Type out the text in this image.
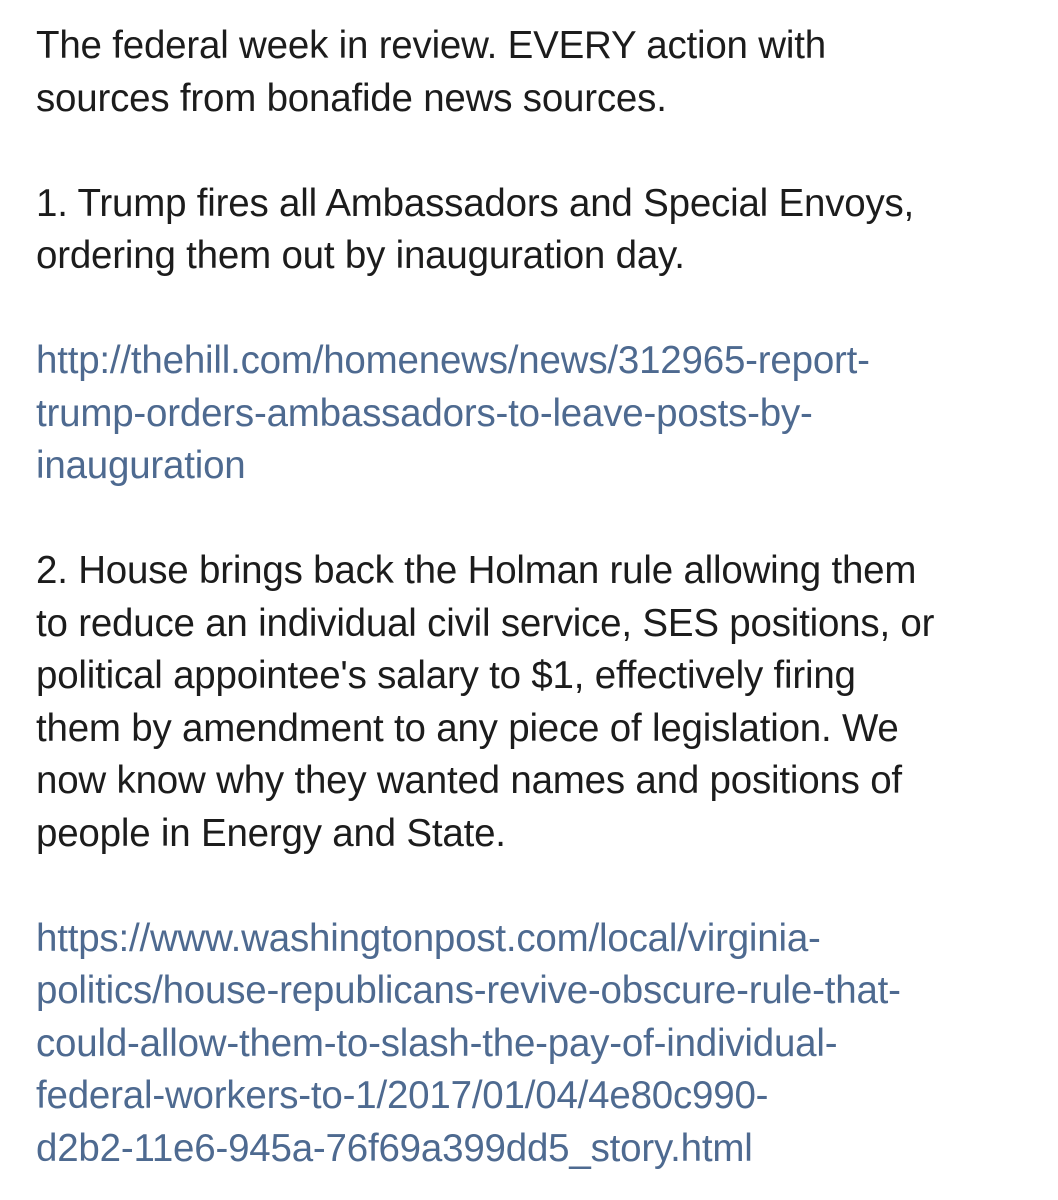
The federal week in review. EVERY action with
sources from bonafide news sources.
1. Trump fires all Ambassadors and Special Envoys,
ordering them out by inauguration day.
http://thehill.com/homenews/news/312965-report-
trump-orders-ambassadors-to-leave-posts-by-
inauguration
2. House brings back the Holman rule allowing them
to reduce an individual civil service, SES positions, or
political appointee's salary to $1, effectively firing
them by amendment to any piece of legislation. We
now know why they wanted names and positions of
people in Energy and State.
https://www.washingtonpost.com/local/virginia-
politics/house-republicans-revive-obscure-rule-that-
could-allow-them-to-slash-the-pay-of-individual-
federal-workers-to-1/2017/01/04/4e80c990-
d2b2-11e6-945a-76f69a399dd5_story.html
